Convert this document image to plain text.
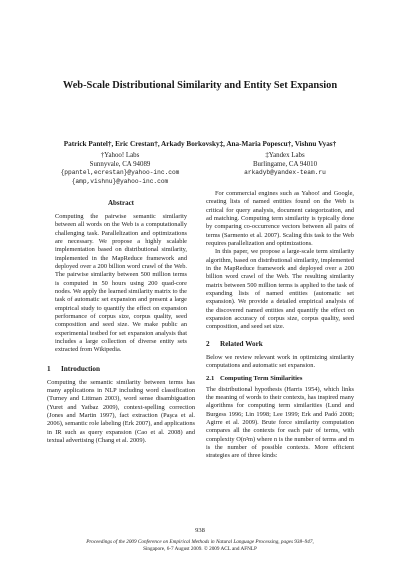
Web-Scale Distributional Similarity and Entity Set Expansion
Patrick Pantel†, Eric Crestan†, Arkady Borkovsky‡, Ana-Maria Popescu†, Vishnu Vyas†
†Yahoo! Labs
Sunnyvale, CA 94089
{ppantel,ecrestan}@yahoo-inc.com
{amp,vishnu}@yahoo-inc.com
‡Yandex Labs
Burlingame, CA 94010
arkadyb@yandex-team.ru
Abstract

Computing the pairwise semantic similarity between all words on the Web is a computationally challenging task. Parallelization and optimizations are necessary. We propose a highly scalable implementation based on distributional similarity, implemented in the MapReduce framework and deployed over a 200 billion word crawl of the Web. The pairwise similarity between 500 million terms is computed in 50 hours using 200 quad-core nodes. We apply the learned similarity matrix to the task of automatic set expansion and present a large empirical study to quantify the effect on expansion performance of corpus size, corpus quality, seed composition and seed size. We make public an experimental testbed for set expansion analysis that includes a large collection of diverse entity sets extracted from Wikipedia.

1 Introduction

Computing the semantic similarity between terms has many applications in NLP including word classification (Turney and Littman 2003), word sense disambiguation (Yuret and Yatbaz 2009), context-spelling correction (Jones and Martin 1997), fact extraction (Paşca et al. 2006), semantic role labeling (Erk 2007), and applications in IR such as query expansion (Cao et al. 2008) and textual advertising (Chang et al. 2009).

For commercial engines such as Yahoo! and Google, creating lists of named entities found on the Web is critical for query analysis, document categorization, and ad matching. Computing term similarity is typically done by comparing co-occurrence vectors between all pairs of terms (Sarmento et al. 2007). Scaling this task to the Web requires parallelization and optimizations.

In this paper, we propose a large-scale term similarity algorithm, based on distributional similarity, implemented in the MapReduce framework and deployed over a 200 billion word crawl of the Web. The resulting similarity matrix between 500 million terms is applied to the task of expanding lists of named entities (automatic set expansion). We provide a detailed empirical analysis of the discovered named entities and quantify the effect on expansion accuracy of corpus size, corpus quality, seed composition, and seed set size.

2 Related Work

Below we review relevant work in optimizing similarity computations and automatic set expansion.

2.1 Computing Term Similarities

The distributional hypothesis (Harris 1954), which links the meaning of words to their contexts, has inspired many algorithms for computing term similarities (Lund and Burgess 1996; Lin 1998; Lee 1999; Erk and Padó 2008; Agirre et al. 2009). Brute force similarity computation compares all the contexts for each pair of terms, with complexity O(n²m) where n is the number of terms and m is the number of possible contexts. More efficient strategies are of three kinds:

938
Proceedings of the 2009 Conference on Empirical Methods in Natural Language Processing, pages 938–947,
Singapore, 6-7 August 2009. © 2009 ACL and AFNLP
